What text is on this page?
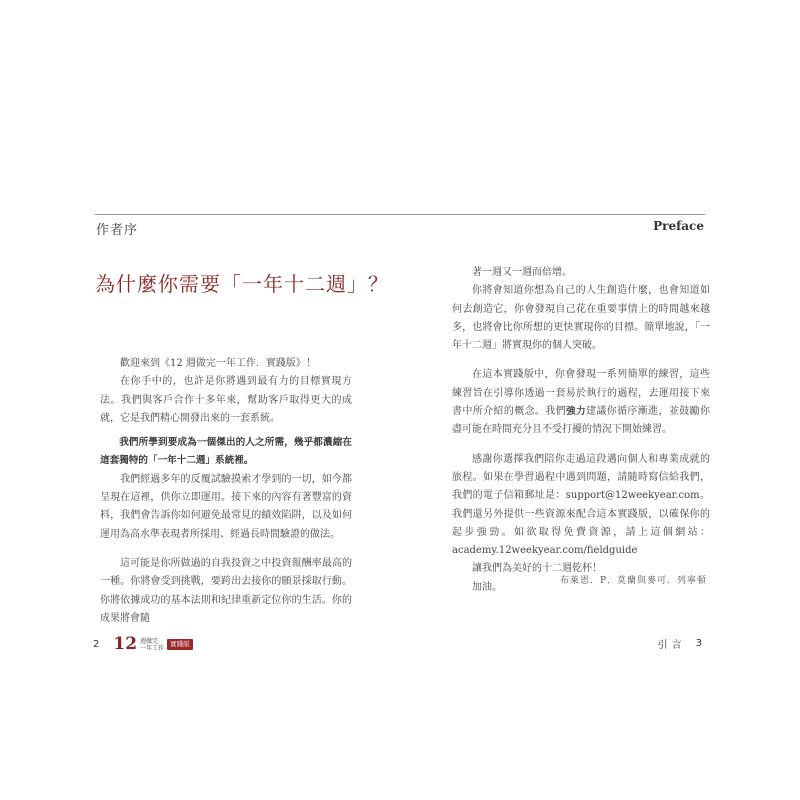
作者序	Preface
為什麼你需要「一年十二週」？

歡迎來到《12 週做完一年工作．實踐版》！

在你手中的，也許是你將遇到最有力的目標實現方法。我們與客戶合作十多年來，幫助客戶取得更大的成就，它是我們精心開發出來的一套系統。

我們所學到要成為一個傑出的人之所需，幾乎都濃縮在這套獨特的「一年十二週」系統裡。

我們經過多年的反覆試驗摸索才學到的一切，如今都呈現在這裡，供你立即運用。接下來的內容有著豐富的資料，我們會告訴你如何避免最常見的績效陷阱，以及如何運用為高水準表現者所採用、經過長時間驗證的做法。

這可能是你所做過的自我投資之中投資報酬率最高的一種。你將會受到挑戰，要跨出去接你的願景採取行動。你將依據成功的基本法則和紀律重新定位你的生活。你的成果將會隨

著一週又一週而倍增。

你將會知道你想為自己的人生創造什麼，也會知道如何去創造它，你會發現自己花在重要事情上的時間越來越多，也將會比你所想的更快實現你的目標。簡單地說，「一年十二週」將實現你的個人突破。

在這本實踐版中，你會發現一系列簡單的練習，這些練習旨在引導你透過一套易於執行的過程，去運用接下來書中所介紹的概念。我們強力建議你循序漸進，並鼓勵你盡可能在時間充分且不受打擾的情況下開始練習。

感謝你選擇我們陪你走過這段邁向個人和專業成就的旅程。如果在學習過程中遇到問題，請隨時寫信給我們，我們的電子信箱郵址是：support@12weekyear.com。我們還另外提供一些資源來配合這本實踐版，以確保你的起步強勁。如欲取得免費資源，請上這個網站：academy.12weekyear.com/fieldguide

讓我們為美好的十二週乾杯！

加油。

布萊恩．P．莫蘭與麥可．列寧頓
2 12 週做完
一年工作 實踐版	引言 3
